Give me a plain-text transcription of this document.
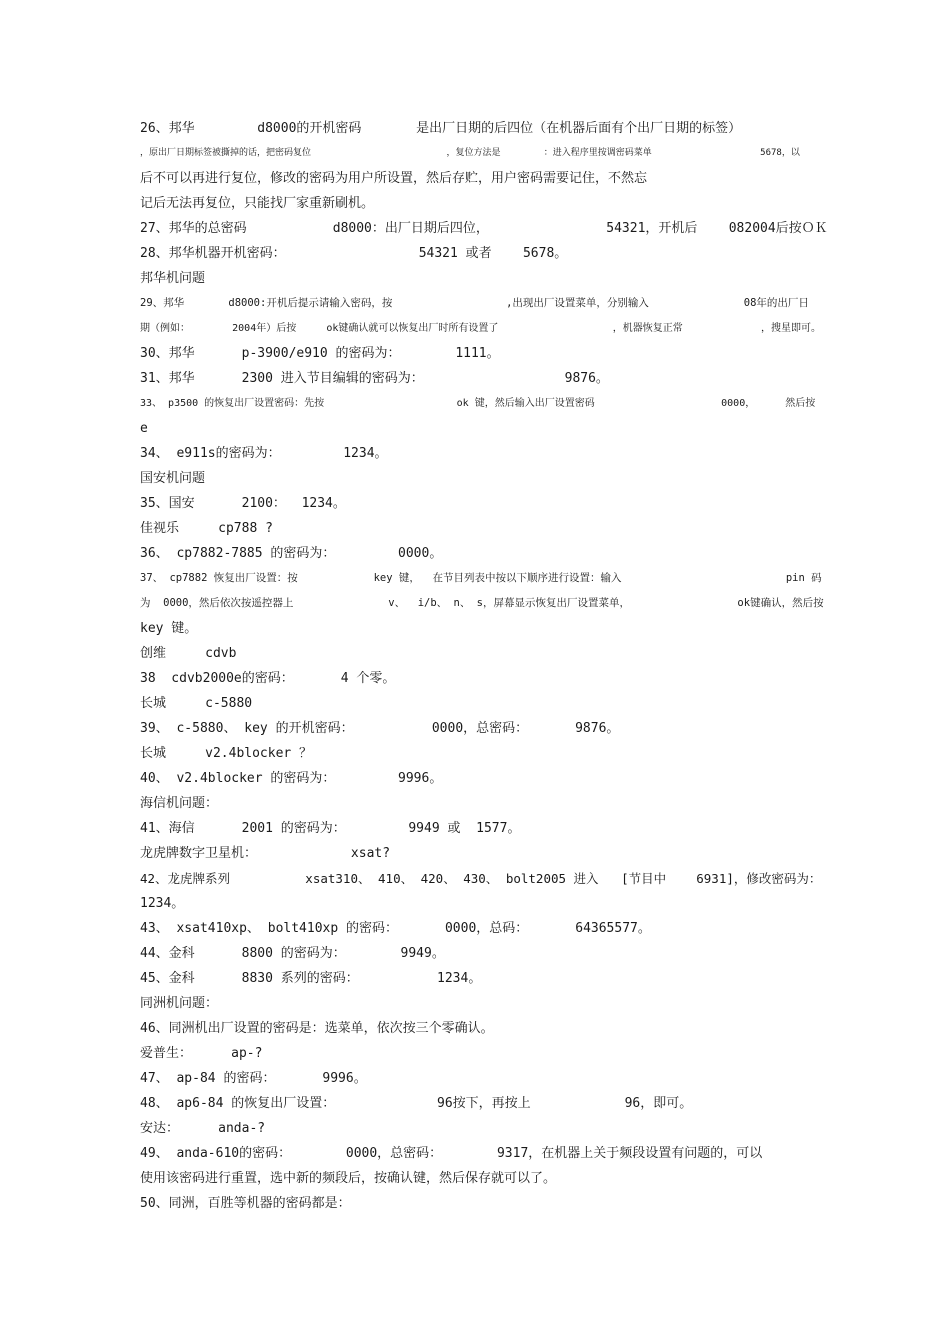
26、邦华        d8000的开机密码       是出厂日期的后四位（在机器后面有个出厂日期的标签）
，原出厂日期标签被撕掉的话，把密码复位                         ，复位方法是        ：进入程序里按调密码菜单                    5678，以
后不可以再进行复位，修改的密码为用户所设置，然后存贮，用户密码需要记住，不然忘
记后无法再复位，只能找厂家重新刷机。
27、邦华的总密码           d8000：出厂日期后四位，               54321，开机后    082004后按ＯＫ
28、邦华机器开机密码：                 54321 或者    5678。
邦华机问题
29、邦华       d8000:开机后提示请输入密码，按                  ,出现出厂设置菜单，分别输入               08年的出厂日
期（例如：       2004年）后按     ok键确认就可以恢复出厂时所有设置了                   ，机器恢复正常             ，搜星即可。
30、邦华      p-3900/e910 的密码为：       1111。
31、邦华      2300 进入节目编辑的密码为：                  9876。
33、 p3500 的恢复出厂设置密码：先按                      ok 键，然后输入出厂设置密码                     0000，     然后按
e
34、 e911s的密码为：        1234。
国安机问题
35、国安      2100：  1234。
佳视乐     cp788 ?
36、 cp7882-7885 的密码为：        0000。
37、 cp7882 恢复出厂设置：按            key 键，  在节目列表中按以下顺序进行设置：输入                          pin 码
为  0000，然后依次按遥控器上               v、  i/b、 n、 s，屏幕显示恢复出厂设置菜单，                 ok键确认，然后按
key 键。
创维     cdvb
38  cdvb2000e的密码：      4 个零。
长城     c-5880
39、 c-5880、 key 的开机密码：          0000，总密码：      9876。
长城     v2.4blocker ？
40、 v2.4blocker 的密码为：        9996。
海信机问题：
41、海信      2001 的密码为：        9949 或  1577。
龙虎牌数字卫星机：            xsat?
42、龙虎牌系列          xsat310、 410、 420、 430、 bolt2005 进入   [节目中    6931]，修改密码为：
1234。
43、 xsat410xp、 bolt410xp 的密码：      0000，总码：      64365577。
44、金科      8800 的密码为：       9949。
45、金科      8830 系列的密码：          1234。
同洲机问题：
46、同洲机出厂设置的密码是：选菜单，依次按三个零确认。
爱普生：     ap-?
47、 ap-84 的密码：      9996。
48、 ap6-84 的恢复出厂设置：             96按下，再按上            96，即可。
安达：     anda-?
49、 anda-610的密码：       0000，总密码：       9317，在机器上关于频段设置有问题的，可以
使用该密码进行重置，选中新的频段后，按确认键，然后保存就可以了。
50、同洲，百胜等机器的密码都是：
